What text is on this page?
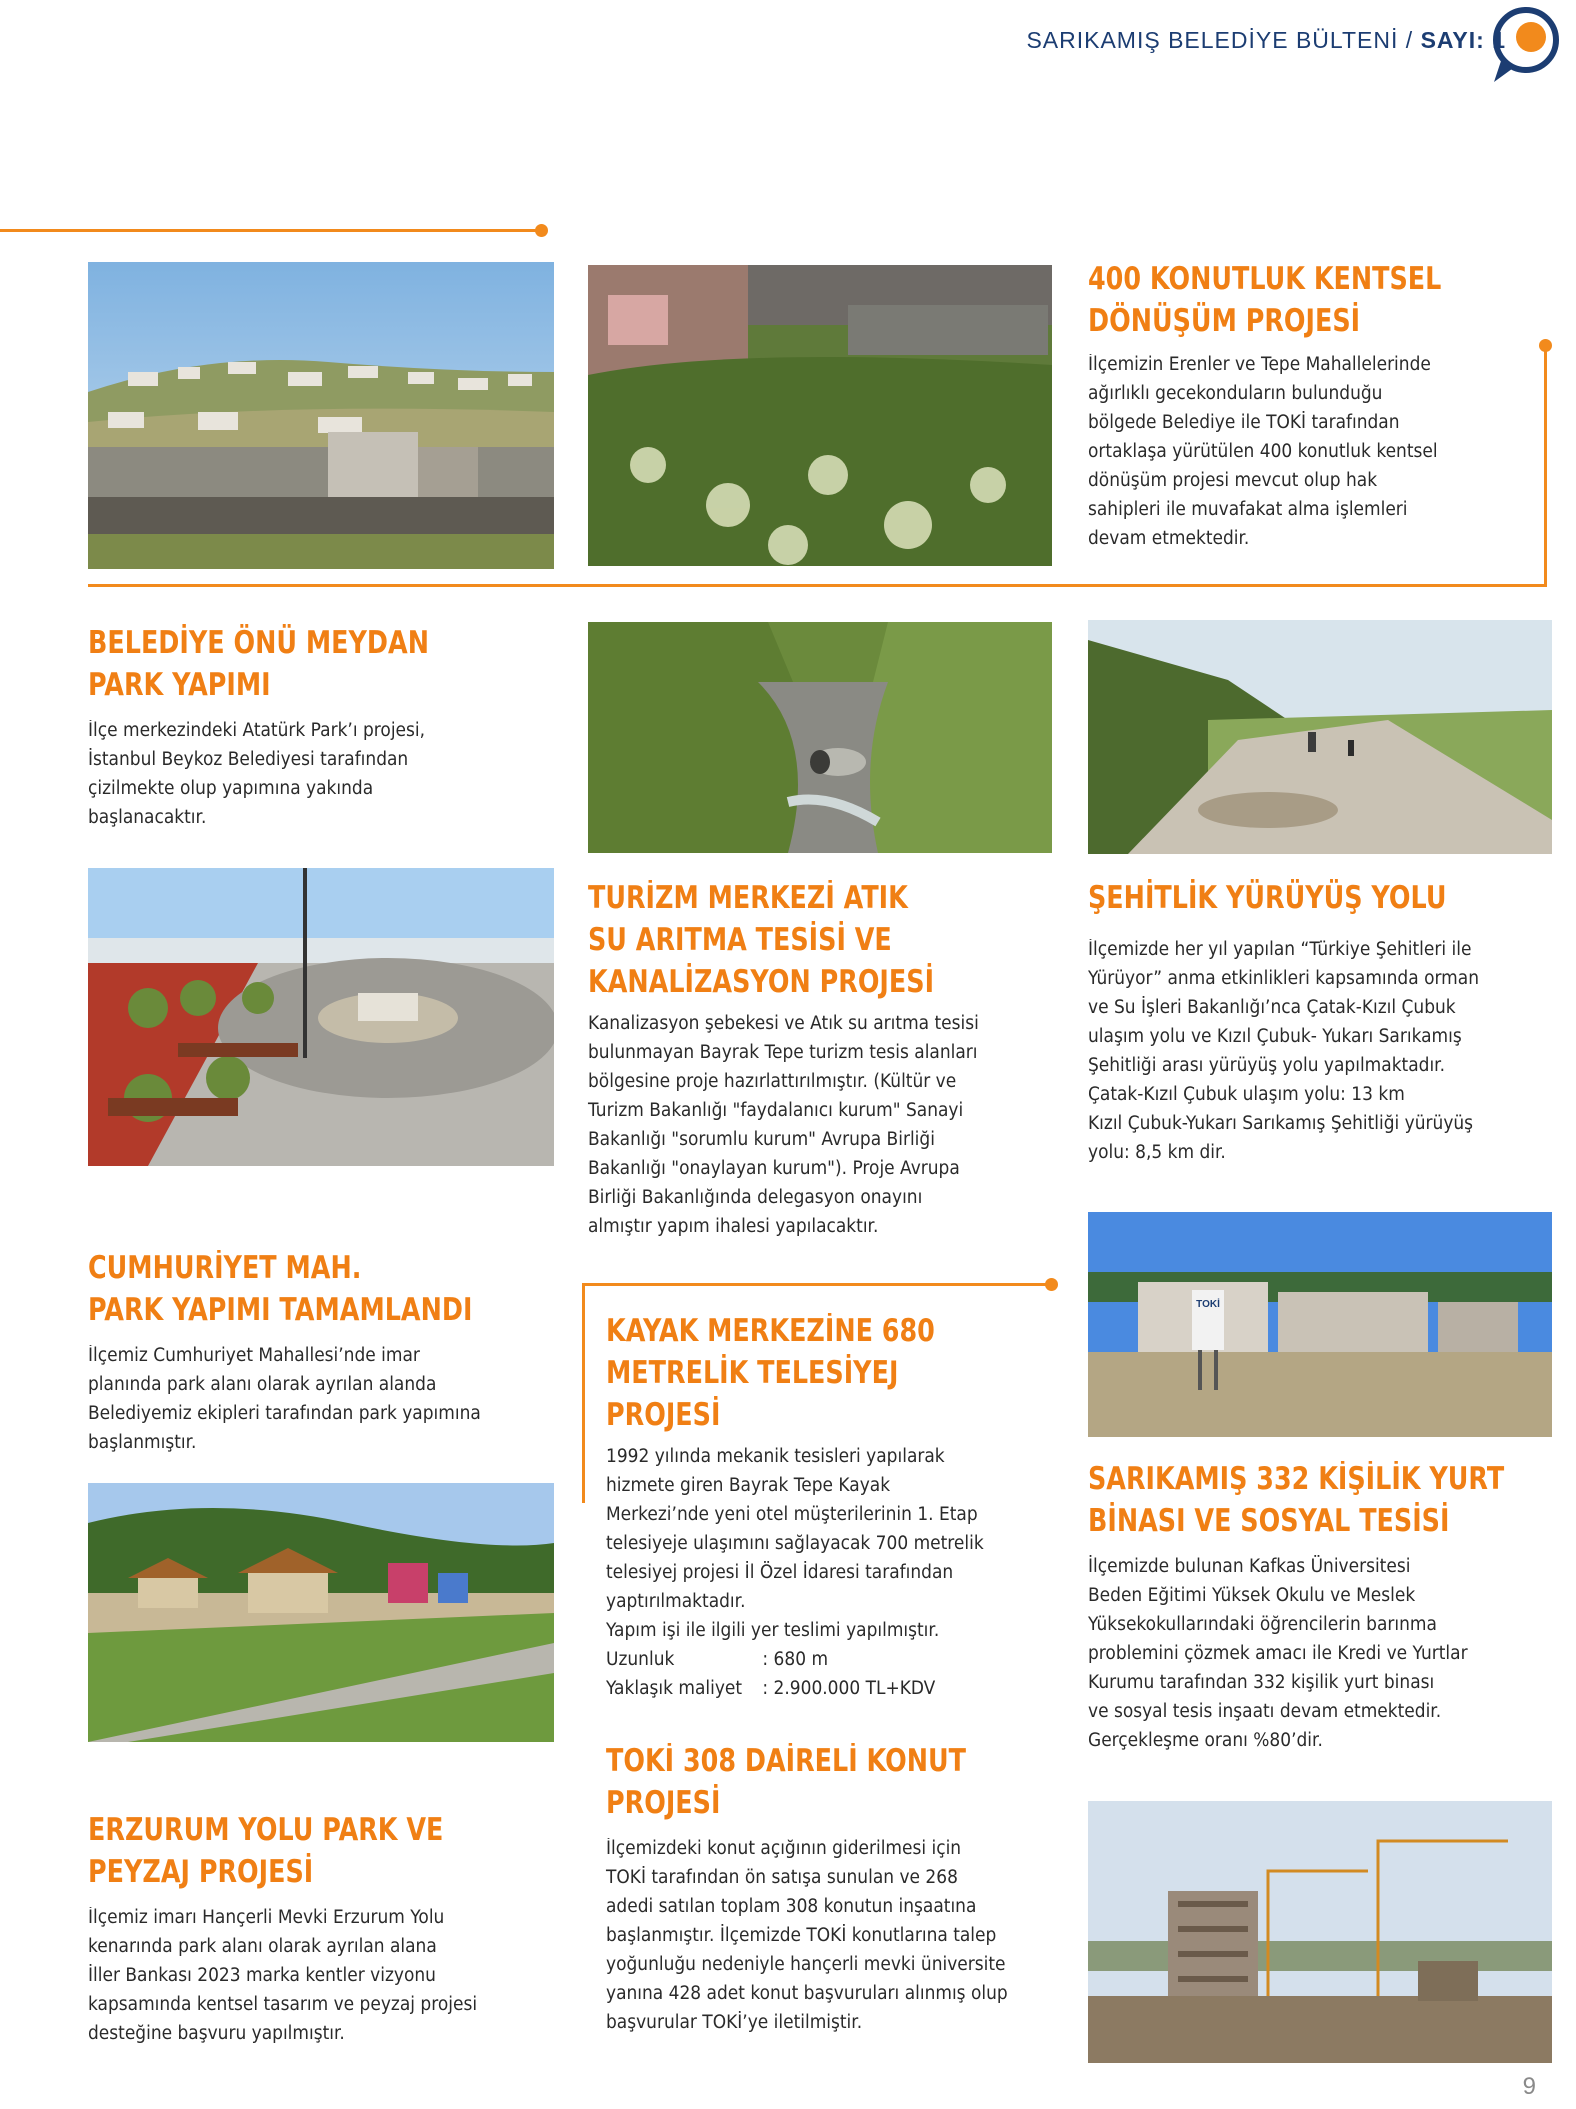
SARIKAMIŞ BELEDİYE BÜLTENİ / SAYI: 1
TOKİ
400 KONUTLUK KENTSEL
DÖNÜŞÜM PROJESİ
İlçemizin Erenler ve Tepe Mahallelerinde
ağırlıklı gecekonduların bulunduğu
bölgede Belediye ile TOKİ tarafından
ortaklaşa yürütülen 400 konutluk kentsel
dönüşüm projesi mevcut olup hak
sahipleri ile muvafakat alma işlemleri
devam etmektedir.
BELEDİYE ÖNÜ MEYDAN
PARK YAPIMI
İlçe merkezindeki Atatürk Park’ı projesi,
İstanbul Beykoz Belediyesi tarafından
çizilmekte olup yapımına yakında
başlanacaktır.
TURİZM MERKEZİ ATIK
SU ARITMA TESİSİ VE
KANALİZASYON PROJESİ
Kanalizasyon şebekesi ve Atık su arıtma tesisi
bulunmayan Bayrak Tepe turizm tesis alanları
bölgesine proje hazırlattırılmıştır. (Kültür ve
Turizm Bakanlığı "faydalanıcı kurum" Sanayi
Bakanlığı "sorumlu kurum" Avrupa Birliği
Bakanlığı "onaylayan kurum"). Proje Avrupa
Birliği Bakanlığında delegasyon onayını
almıştır yapım ihalesi yapılacaktır.
ŞEHİTLİK YÜRÜYÜŞ YOLU
İlçemizde her yıl yapılan “Türkiye Şehitleri ile
Yürüyor” anma etkinlikleri kapsamında orman
ve Su İşleri Bakanlığı’nca Çatak-Kızıl Çubuk
ulaşım yolu ve Kızıl Çubuk- Yukarı Sarıkamış
Şehitliği arası yürüyüş yolu yapılmaktadır.
Çatak-Kızıl Çubuk ulaşım yolu: 13 km
Kızıl Çubuk-Yukarı Sarıkamış Şehitliği yürüyüş
yolu: 8,5 km dir.
CUMHURİYET MAH.
PARK YAPIMI TAMAMLANDI
İlçemiz Cumhuriyet Mahallesi’nde imar
planında park alanı olarak ayrılan alanda
Belediyemiz ekipleri tarafından park yapımına
başlanmıştır.
KAYAK MERKEZİNE 680
METRELİK TELESİYEJ
PROJESİ
1992 yılında mekanik tesisleri yapılarak
hizmete giren Bayrak Tepe Kayak
Merkezi’nde yeni otel müşterilerinin 1. Etap
telesiyeje ulaşımını sağlayacak 700 metrelik
telesiyej projesi İl Özel İdaresi tarafından
yaptırılmaktadır.
Yapım işi ile ilgili yer teslimi yapılmıştır.
Uzunluk	: 680 m
Yaklaşık maliyet	: 2.900.000 TL+KDV
SARIKAMIŞ 332 KİŞİLİK YURT
BİNASI VE SOSYAL TESİSİ
İlçemizde bulunan Kafkas Üniversitesi
Beden Eğitimi Yüksek Okulu ve Meslek
Yüksekokullarındaki öğrencilerin barınma
problemini çözmek amacı ile Kredi ve Yurtlar
Kurumu tarafından 332 kişilik yurt binası
ve sosyal tesis inşaatı devam etmektedir.
Gerçekleşme oranı %80’dir.
ERZURUM YOLU PARK VE
PEYZAJ PROJESİ
İlçemiz imarı Hançerli Mevki Erzurum Yolu
kenarında park alanı olarak ayrılan alana
İller Bankası 2023 marka kentler vizyonu
kapsamında kentsel tasarım ve peyzaj projesi
desteğine başvuru yapılmıştır.
TOKİ 308 DAİRELİ KONUT
PROJESİ
İlçemizdeki konut açığının giderilmesi için
TOKİ tarafından ön satışa sunulan ve 268
adedi satılan toplam 308 konutun inşaatına
başlanmıştır. İlçemizde TOKİ konutlarına talep
yoğunluğu nedeniyle hançerli mevki üniversite
yanına 428 adet konut başvuruları alınmış olup
başvurular TOKİ’ye iletilmiştir.
9
